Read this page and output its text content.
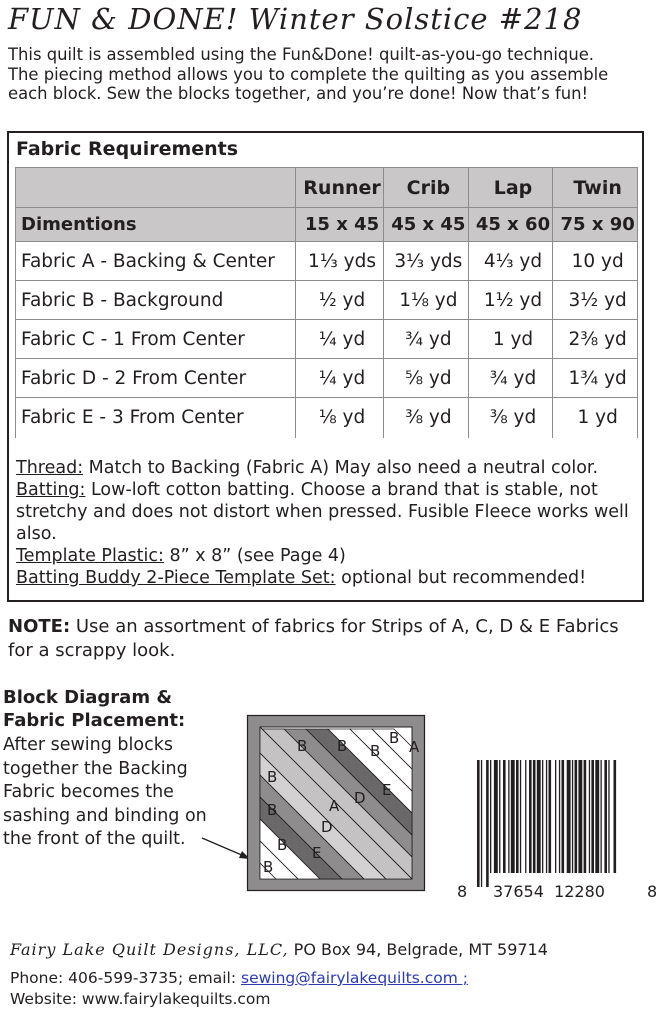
FUN & DONE! Winter Solstice #218

This quilt is assembled using the Fun&Done! quilt-as-you-go technique.

The piecing method allows you to complete the quilting as you assemble

each block. Sew the blocks together, and you’re done! Now that’s fun!

Fabric Requirements
	Runner	Crib	Lap	Twin
Dimentions	15 x 45	45 x 45	45 x 60	75 x 90
Fabric A - Backing & Center	1⅓ yds	3⅓ yds	4⅓ yd	10 yd
Fabric B - Background	½ yd	1⅛ yd	1½ yd	3½ yd
Fabric C - 1 From Center	¼ yd	¾ yd	1 yd	2⅜ yd
Fabric D - 2 From Center	¼ yd	⅝ yd	¾ yd	1¾ yd
Fabric E - 3 From Center	⅛ yd	⅜ yd	⅜ yd	1 yd

Thread: Match to Backing (Fabric A) May also need a neutral color.

Batting: Low-loft cotton batting. Choose a brand that is stable, not stretchy and does not distort when pressed. Fusible Fleece works well also.

Template Plastic: 8” x 8” (see Page 4)

Batting Buddy 2-Piece Template Set: optional but recommended!

NOTE: Use an assortment of fabrics for Strips of A, C, D & E Fabrics for a scrappy look.
Block Diagram &
Fabric Placement:

After sewing blocks

together the Backing

Fabric becomes the

sashing and binding on

the front of the quilt.

B B B
B A
B
B
B
B
A D E
D
E
8 37654  12280	8
Fairy Lake Quilt Designs, LLC, PO Box 94, Belgrade, MT 59714

Phone: 406-599-3735; email: sewing@fairylakequilts.com ;

Website: www.fairylakequilts.com
